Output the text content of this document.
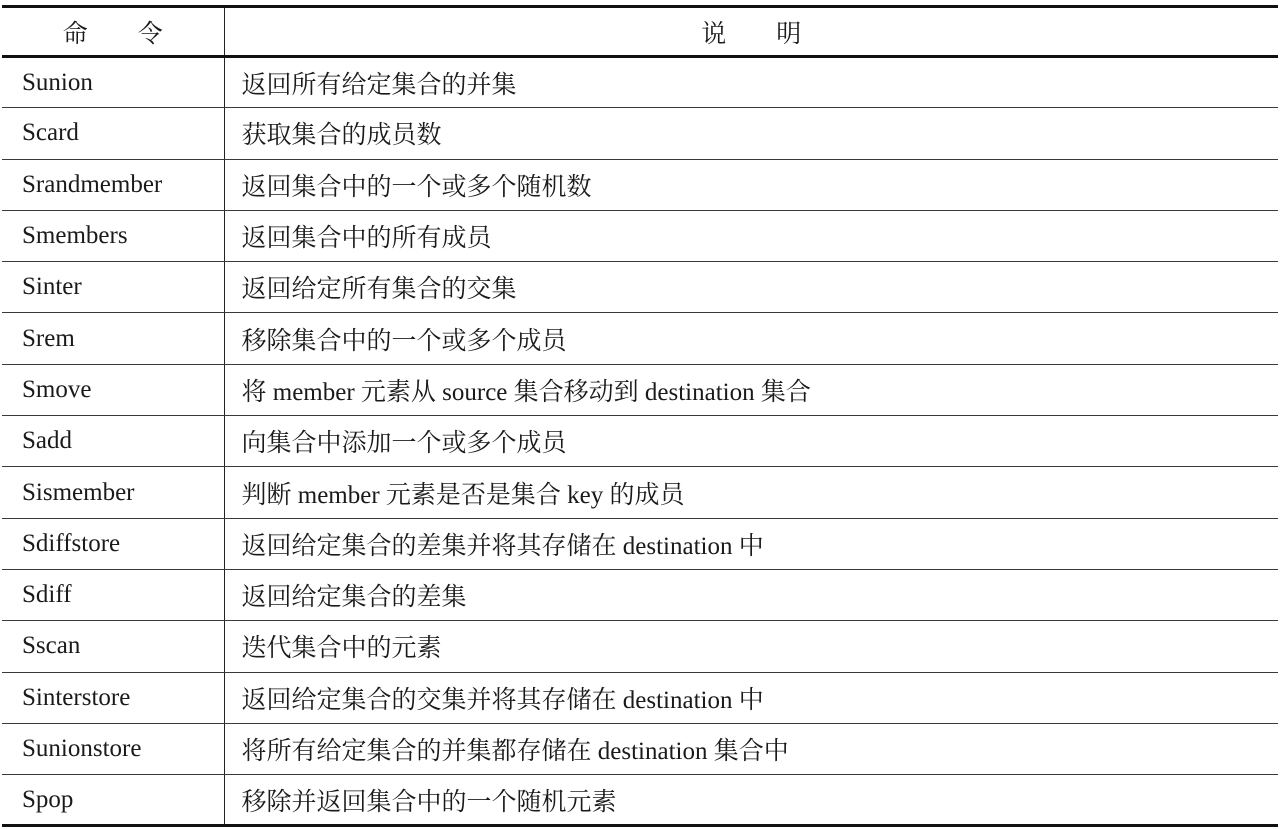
命令	说明
Sunion	返回所有给定集合的并集
Scard	获取集合的成员数
Srandmember	返回集合中的一个或多个随机数
Smembers	返回集合中的所有成员
Sinter	返回给定所有集合的交集
Srem	移除集合中的一个或多个成员
Smove	将 member 元素从 source 集合移动到 destination 集合
Sadd	向集合中添加一个或多个成员
Sismember	判断 member 元素是否是集合 key 的成员
Sdiffstore	返回给定集合的差集并将其存储在 destination 中
Sdiff	返回给定集合的差集
Sscan	迭代集合中的元素
Sinterstore	返回给定集合的交集并将其存储在 destination 中
Sunionstore	将所有给定集合的并集都存储在 destination 集合中
Spop	移除并返回集合中的一个随机元素
